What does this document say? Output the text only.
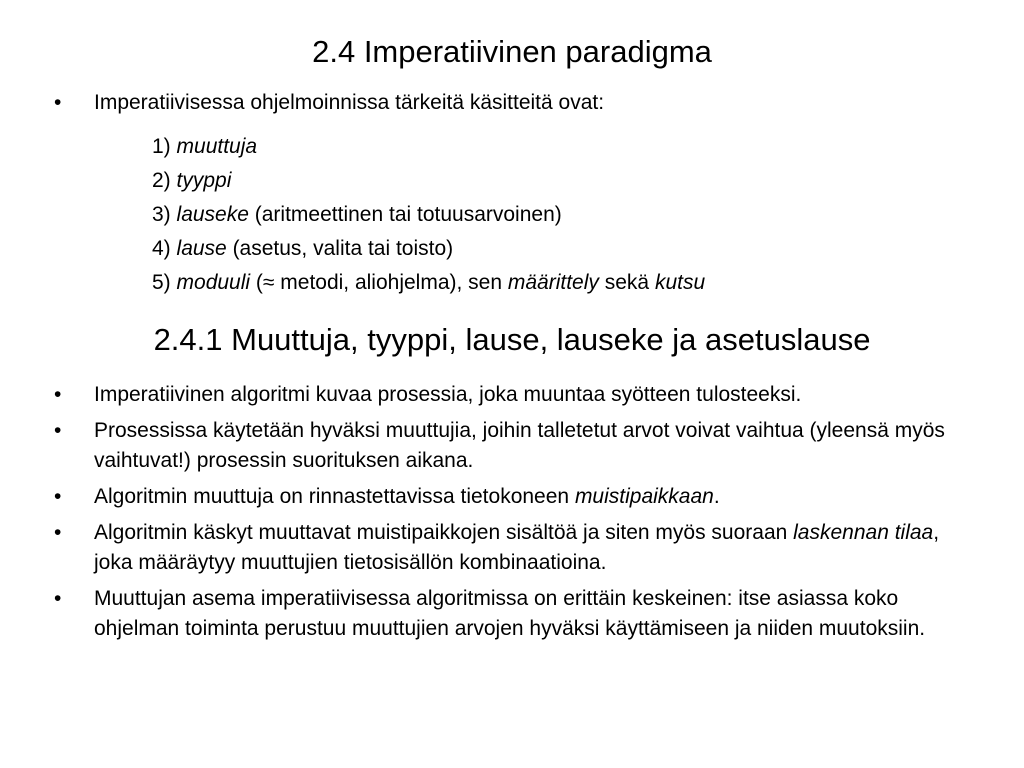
2.4 Imperatiivinen paradigma
• Imperatiivisessa ohjelmoinnissa tärkeitä käsitteitä ovat:
1) muuttuja
2) tyyppi
3) lauseke (aritmeettinen tai totuusarvoinen)
4) lause (asetus, valita tai toisto)
5) moduuli (≈ metodi, aliohjelma), sen määrittely sekä kutsu
2.4.1 Muuttuja, tyyppi, lause, lauseke ja asetuslause
• Imperatiivinen algoritmi kuvaa prosessia, joka muuntaa syötteen tulosteeksi.
• Prosessissa käytetään hyväksi muuttujia, joihin talletetut arvot voivat vaihtua (yleensä myös vaihtuvat!) prosessin suorituksen aikana.
• Algoritmin muuttuja on rinnastettavissa tietokoneen muistipaikkaan.
• Algoritmin käskyt muuttavat muistipaikkojen sisältöä ja siten myös suoraan laskennan tilaa, joka määräytyy muuttujien tietosisällön kombinaatioina.
• Muuttujan asema imperatiivisessa algoritmissa on erittäin keskeinen: itse asiassa koko ohjelman toiminta perustuu muuttujien arvojen hyväksi käyttämiseen ja niiden muutoksiin.
